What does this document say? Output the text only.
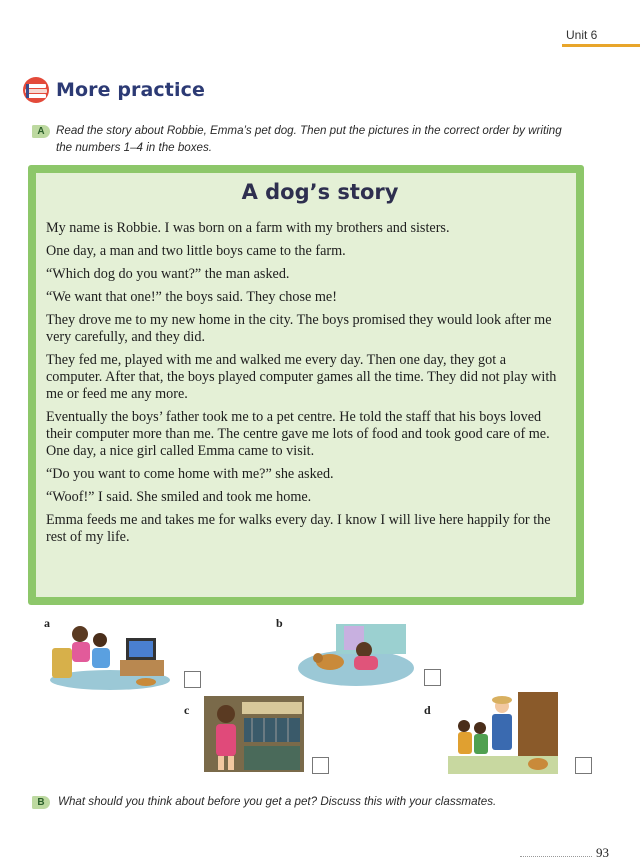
Unit 6
More practice
A Read the story about Robbie, Emma’s pet dog. Then put the pictures in the correct order by writing the numbers 1–4 in the boxes.
A dog’s story

My name is Robbie. I was born on a farm with my brothers and sisters.

One day, a man and two little boys came to the farm.

“Which dog do you want?” the man asked.

“We want that one!” the boys said. They chose me!

They drove me to my new home in the city. The boys promised they would look after me very carefully, and they did.

They fed me, played with me and walked me every day. Then one day, they got a computer. After that, the boys played computer games all the time. They did not play with me or feed me any more.

Eventually the boys’ father took me to a pet centre. He told the staff that his boys loved their computer more than me. The centre gave me lots of food and took good care of me. One day, a nice girl called Emma came to visit.

“Do you want to come home with me?” she asked.

“Woof!” I said. She smiled and took me home.

Emma feeds me and takes me for walks every day. I know I will live here happily for the rest of my life.

a	b
c	d
B	What should you think about before you get a pet? Discuss this with your classmates.
93
